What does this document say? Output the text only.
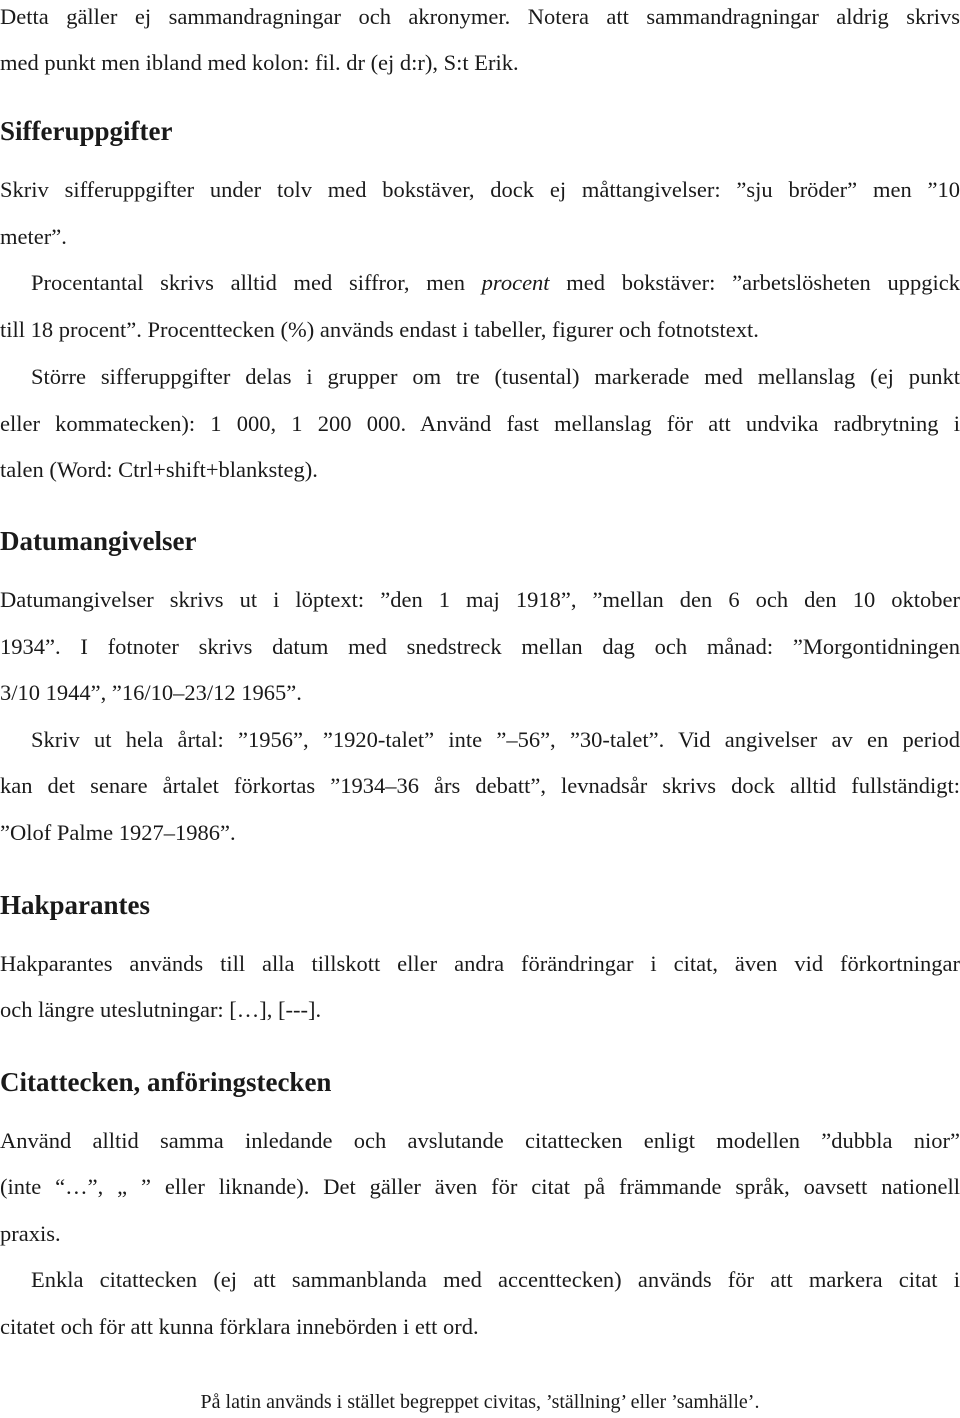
Detta gäller ej sammandragningar och akronymer. Notera att sammandragningar aldrig skrivs

med punkt men ibland med kolon: fil. dr (ej d:r), S:t Erik.

Sifferuppgifter

Skriv sifferuppgifter under tolv med bokstäver, dock ej måttangivelser: ”sju bröder” men ”10

meter”.

Procentantal skrivs alltid med siffror, men procent med bokstäver: ”arbetslösheten uppgick

till 18 procent”. Procenttecken (%) används endast i tabeller, figurer och fotnotstext.

Större sifferuppgifter delas i grupper om tre (tusental) markerade med mellanslag (ej punkt

eller kommatecken): 1 000, 1 200 000. Använd fast mellanslag för att undvika radbrytning i

talen (Word: Ctrl+shift+blanksteg).

Datumangivelser

Datumangivelser skrivs ut i löptext: ”den 1 maj 1918”, ”mellan den 6 och den 10 oktober

1934”. I fotnoter skrivs datum med snedstreck mellan dag och månad: ”Morgontidningen

3/10 1944”, ”16/10–23/12 1965”.

Skriv ut hela årtal: ”1956”, ”1920-talet” inte ”–56”, ”30-talet”. Vid angivelser av en period

kan det senare årtalet förkortas ”1934–36 års debatt”, levnadsår skrivs dock alltid fullständigt:

”Olof Palme 1927–1986”.

Hakparantes

Hakparantes används till alla tillskott eller andra förändringar i citat, även vid förkortningar

och längre uteslutningar: […], [---].

Citattecken, anföringstecken

Använd alltid samma inledande och avslutande citattecken enligt modellen ”dubbla nior”

(inte “…”, „ ” eller liknande). Det gäller även för citat på främmande språk, oavsett nationell

praxis.

Enkla citattecken (ej att sammanblanda med accenttecken) används för att markera citat i

citatet och för att kunna förklara innebörden i ett ord.

På latin används i stället begreppet civitas, ’ställning’ eller ’samhälle’.
